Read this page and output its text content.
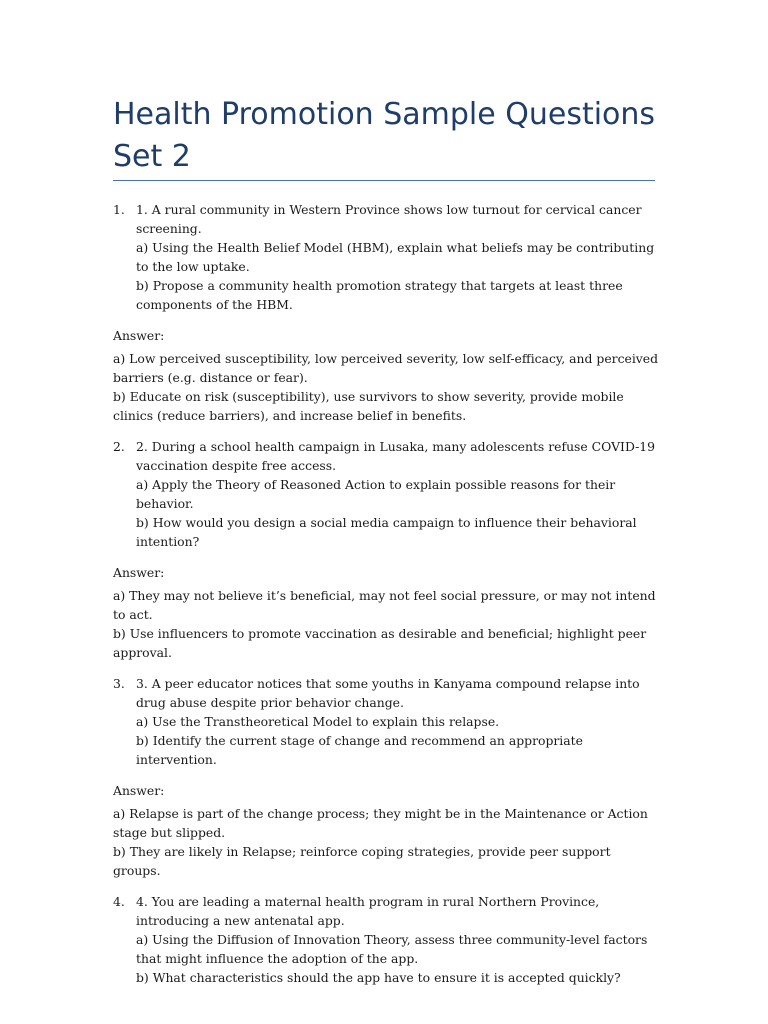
Health Promotion Sample Questions
Set 2
1. 1. A rural community in Western Province shows low turnout for cervical cancer screening.

a) Using the Health Belief Model (HBM), explain what beliefs may be contributing to the low uptake.

b) Propose a community health promotion strategy that targets at least three components of the HBM.

Answer:

a) Low perceived susceptibility, low perceived severity, low self-efficacy, and perceived barriers (e.g. distance or fear).

b) Educate on risk (susceptibility), use survivors to show severity, provide mobile clinics (reduce barriers), and increase belief in benefits.

2. 2. During a school health campaign in Lusaka, many adolescents refuse COVID-19 vaccination despite free access.

a) Apply the Theory of Reasoned Action to explain possible reasons for their behavior.

b) How would you design a social media campaign to influence their behavioral intention?

Answer:

a) They may not believe it’s beneficial, may not feel social pressure, or may not intend to act.

b) Use influencers to promote vaccination as desirable and beneficial; highlight peer approval.

3. 3. A peer educator notices that some youths in Kanyama compound relapse into drug abuse despite prior behavior change.

a) Use the Transtheoretical Model to explain this relapse.

b) Identify the current stage of change and recommend an appropriate intervention.

Answer:

a) Relapse is part of the change process; they might be in the Maintenance or Action stage but slipped.

b) They are likely in Relapse; reinforce coping strategies, provide peer support groups.

4. 4. You are leading a maternal health program in rural Northern Province, introducing a new antenatal app.

a) Using the Diffusion of Innovation Theory, assess three community-level factors that might influence the adoption of the app.

b) What characteristics should the app have to ensure it is accepted quickly?
